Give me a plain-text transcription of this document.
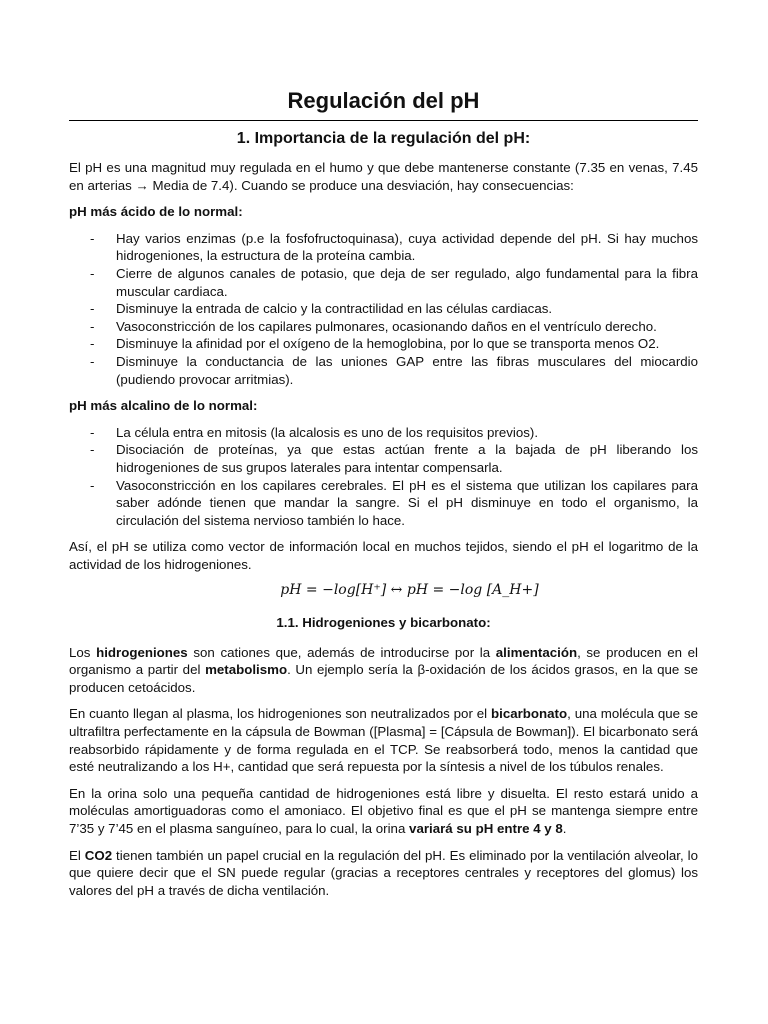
Regulación del pH
1. Importancia de la regulación del pH:

El pH es una magnitud muy regulada en el humo y que debe mantenerse constante (7.35 en venas, 7.45 en arterias → Media de 7.4). Cuando se produce una desviación, hay consecuencias:

pH más ácido de lo normal:
- Hay varios enzimas (p.e la fosfofructoquinasa), cuya actividad depende del pH. Si hay muchos hidrogeniones, la estructura de la proteína cambia.
- Cierre de algunos canales de potasio, que deja de ser regulado, algo fundamental para la fibra muscular cardiaca.
- Disminuye la entrada de calcio y la contractilidad en las células cardiacas.
- Vasoconstricción de los capilares pulmonares, ocasionando daños en el ventrículo derecho.
- Disminuye la afinidad por el oxígeno de la hemoglobina, por lo que se transporta menos O2.
- Disminuye la conductancia de las uniones GAP entre las fibras musculares del miocardio (pudiendo provocar arritmias).
pH más alcalino de lo normal:
- La célula entra en mitosis (la alcalosis es uno de los requisitos previos).
- Disociación de proteínas, ya que estas actúan frente a la bajada de pH liberando los hidrogeniones de sus grupos laterales para intentar compensarla.
- Vasoconstricción en los capilares cerebrales. El pH es el sistema que utilizan los capilares para saber adónde tienen que mandar la sangre. Si el pH disminuye en todo el organismo, la circulación del sistema nervioso también lo hace.

Así, el pH se utiliza como vector de información local en muchos tejidos, siendo el pH el logaritmo de la actividad de los hidrogeniones.

pH = −log[H⁺] ↔ pH = −log [A_H+]
1.1. Hidrogeniones y bicarbonato:

Los hidrogeniones son cationes que, además de introducirse por la alimentación, se producen en el organismo a partir del metabolismo. Un ejemplo sería la β-oxidación de los ácidos grasos, en la que se producen cetoácidos.

En cuanto llegan al plasma, los hidrogeniones son neutralizados por el bicarbonato, una molécula que se ultrafiltra perfectamente en la cápsula de Bowman ([Plasma] = [Cápsula de Bowman]). El bicarbonato será reabsorbido rápidamente y de forma regulada en el TCP. Se reabsorberá todo, menos la cantidad que esté neutralizando a los H+, cantidad que será repuesta por la síntesis a nivel de los túbulos renales.

En la orina solo una pequeña cantidad de hidrogeniones está libre y disuelta. El resto estará unido a moléculas amortiguadoras como el amoniaco. El objetivo final es que el pH se mantenga siempre entre 7’35 y 7’45 en el plasma sanguíneo, para lo cual, la orina variará su pH entre 4 y 8.

El CO2 tienen también un papel crucial en la regulación del pH. Es eliminado por la ventilación alveolar, lo que quiere decir que el SN puede regular (gracias a receptores centrales y receptores del glomus) los valores del pH a través de dicha ventilación.
